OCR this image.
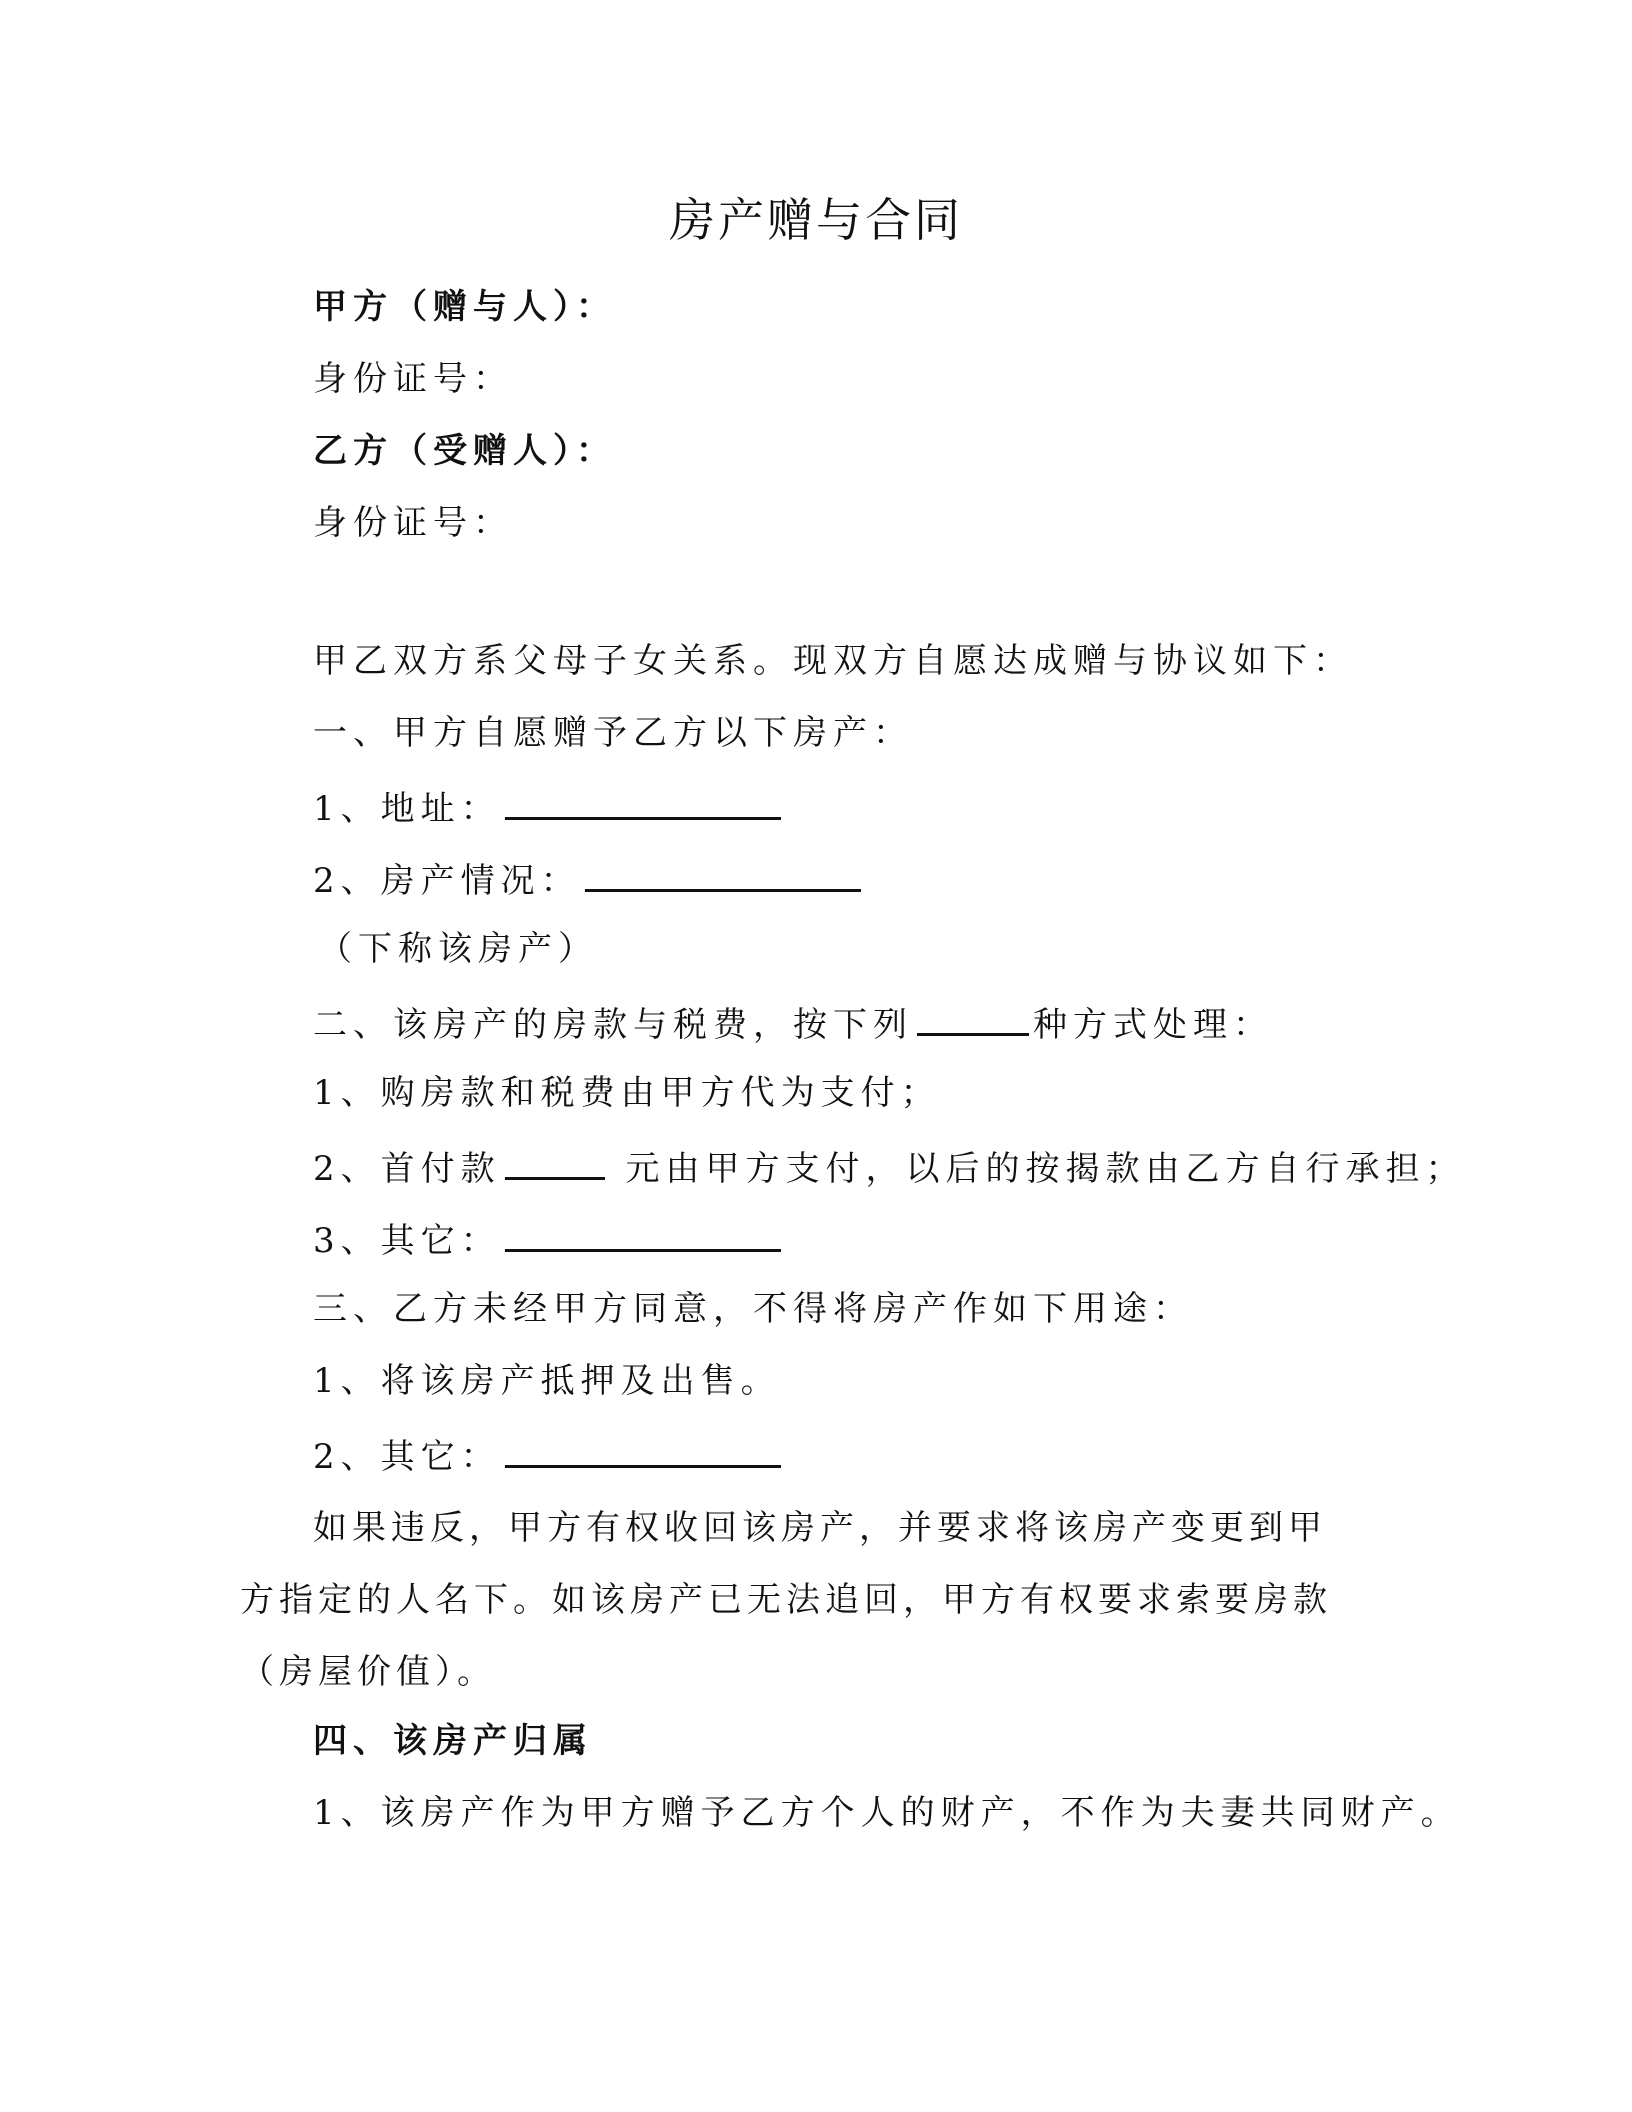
房产赠与合同
甲方（赠与人）：
身份证号：
乙方（受赠人）：
身份证号：
甲乙双方系父母子女关系。现双方自愿达成赠与协议如下：
一、甲方自愿赠予乙方以下房产：
1、地址：
2、房产情况：
（下称该房产）
二、该房产的房款与税费，按下列	种方式处理：
1、购房款和税费由甲方代为支付；
2、首付款	元由甲方支付，以后的按揭款由乙方自行承担；
3、其它：
三、乙方未经甲方同意，不得将房产作如下用途：
1、将该房产抵押及出售。
2、其它：
如果违反，甲方有权收回该房产，并要求将该房产变更到甲方指定的人名下。如该房产已无法追回，甲方有权要求索要房款（房屋价值）。
四、该房产归属
1、该房产作为甲方赠予乙方个人的财产，不作为夫妻共同财产。
